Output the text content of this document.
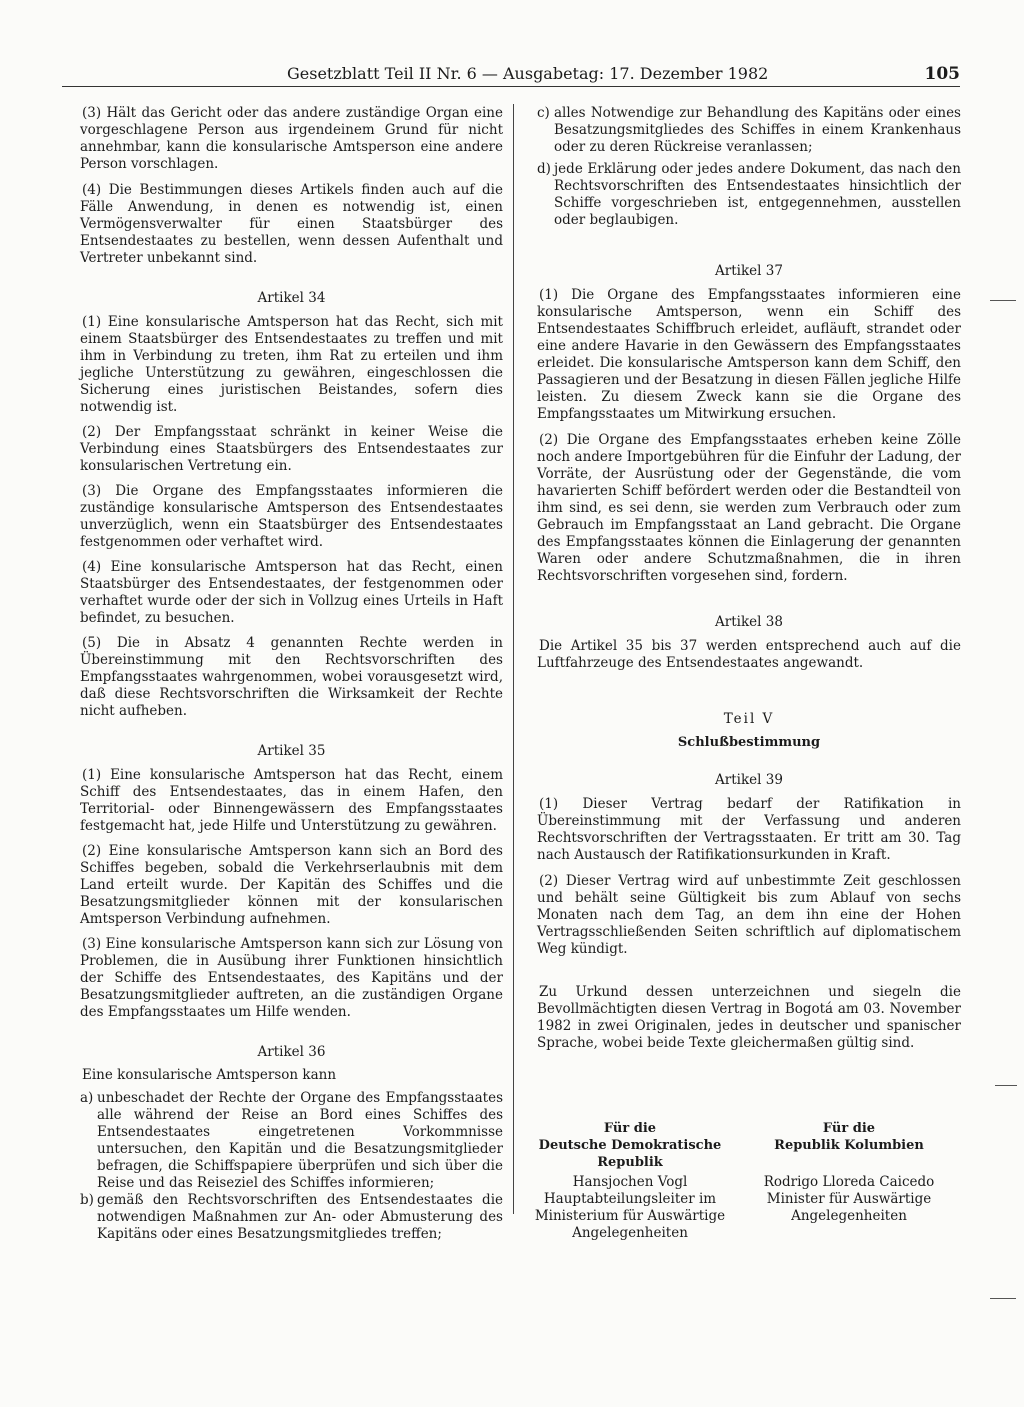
Gesetzblatt Teil II Nr. 6 — Ausgabetag: 17. Dezember 1982	105

(3) Hält das Gericht oder das andere zuständige Organ eine vorgeschlagene Person aus irgendeinem Grund für nicht annehmbar, kann die konsularische Amtsperson eine andere Person vorschlagen.

(4) Die Bestimmungen dieses Artikels finden auch auf die Fälle Anwendung, in denen es notwendig ist, einen Vermögensverwalter für einen Staatsbürger des Entsendestaates zu bestellen, wenn dessen Aufenthalt und Vertreter unbekannt sind.

Artikel 34

(1) Eine konsularische Amtsperson hat das Recht, sich mit einem Staatsbürger des Entsendestaates zu treffen und mit ihm in Verbindung zu treten, ihm Rat zu erteilen und ihm jegliche Unterstützung zu gewähren, eingeschlossen die Sicherung eines juristischen Beistandes, sofern dies notwendig ist.

(2) Der Empfangsstaat schränkt in keiner Weise die Verbindung eines Staatsbürgers des Entsendestaates zur konsularischen Vertretung ein.

(3) Die Organe des Empfangsstaates informieren die zuständige konsularische Amtsperson des Entsendestaates unverzüglich, wenn ein Staatsbürger des Entsendestaates festgenommen oder verhaftet wird.

(4) Eine konsularische Amtsperson hat das Recht, einen Staatsbürger des Entsendestaates, der festgenommen oder verhaftet wurde oder der sich in Vollzug eines Urteils in Haft befindet, zu besuchen.

(5) Die in Absatz 4 genannten Rechte werden in Übereinstimmung mit den Rechtsvorschriften des Empfangsstaates wahrgenommen, wobei vorausgesetzt wird, daß diese Rechtsvorschriften die Wirksamkeit der Rechte nicht aufheben.

Artikel 35

(1) Eine konsularische Amtsperson hat das Recht, einem Schiff des Entsendestaates, das in einem Hafen, den Territorial- oder Binnengewässern des Empfangsstaates festgemacht hat, jede Hilfe und Unterstützung zu gewähren.

(2) Eine konsularische Amtsperson kann sich an Bord des Schiffes begeben, sobald die Verkehrserlaubnis mit dem Land erteilt wurde. Der Kapitän des Schiffes und die Besatzungsmitglieder können mit der konsularischen Amtsperson Verbindung aufnehmen.

(3) Eine konsularische Amtsperson kann sich zur Lösung von Problemen, die in Ausübung ihrer Funktionen hinsichtlich der Schiffe des Entsendestaates, des Kapitäns und der Besatzungsmitglieder auftreten, an die zuständigen Organe des Empfangsstaates um Hilfe wenden.

Artikel 36

Eine konsularische Amtsperson kann

a) unbeschadet der Rechte der Organe des Empfangsstaates alle während der Reise an Bord eines Schiffes des Entsendestaates eingetretenen Vorkommnisse untersuchen, den Kapitän und die Besatzungsmitglieder befragen, die Schiffspapiere überprüfen und sich über die Reise und das Reiseziel des Schiffes informieren;
b) gemäß den Rechtsvorschriften des Entsendestaates die notwendigen Maßnahmen zur An- oder Abmusterung des Kapitäns oder eines Besatzungsmitgliedes treffen;
c) alles Notwendige zur Behandlung des Kapitäns oder eines Besatzungsmitgliedes des Schiffes in einem Krankenhaus oder zu deren Rückreise veranlassen;
d) jede Erklärung oder jedes andere Dokument, das nach den Rechtsvorschriften des Entsendestaates hinsichtlich der Schiffe vorgeschrieben ist, entgegennehmen, ausstellen oder beglaubigen.
Artikel 37

(1) Die Organe des Empfangsstaates informieren eine konsularische Amtsperson, wenn ein Schiff des Entsendestaates Schiffbruch erleidet, aufläuft, strandet oder eine andere Havarie in den Gewässern des Empfangsstaates erleidet. Die konsularische Amtsperson kann dem Schiff, den Passagieren und der Besatzung in diesen Fällen jegliche Hilfe leisten. Zu diesem Zweck kann sie die Organe des Empfangsstaates um Mitwirkung ersuchen.

(2) Die Organe des Empfangsstaates erheben keine Zölle noch andere Importgebühren für die Einfuhr der Ladung, der Vorräte, der Ausrüstung oder der Gegenstände, die vom havarierten Schiff befördert werden oder die Bestandteil von ihm sind, es sei denn, sie werden zum Verbrauch oder zum Gebrauch im Empfangsstaat an Land gebracht. Die Organe des Empfangsstaates können die Einlagerung der genannten Waren oder andere Schutzmaßnahmen, die in ihren Rechtsvorschriften vorgesehen sind, fordern.

Artikel 38

Die Artikel 35 bis 37 werden entsprechend auch auf die Luftfahrzeuge des Entsendestaates angewandt.

Teil V
Schlußbestimmung
Artikel 39

(1) Dieser Vertrag bedarf der Ratifikation in Übereinstimmung mit der Verfassung und anderen Rechtsvorschriften der Vertragsstaaten. Er tritt am 30. Tag nach Austausch der Ratifikationsurkunden in Kraft.

(2) Dieser Vertrag wird auf unbestimmte Zeit geschlossen und behält seine Gültigkeit bis zum Ablauf von sechs Monaten nach dem Tag, an dem ihn eine der Hohen Vertragsschließenden Seiten schriftlich auf diplomatischem Weg kündigt.

Zu Urkund dessen unterzeichnen und siegeln die Bevollmächtigten diesen Vertrag in Bogotá am 03. November 1982 in zwei Originalen, jedes in deutscher und spanischer Sprache, wobei beide Texte gleichermaßen gültig sind.

Für die
Deutsche Demokratische Republik
Hansjochen Vogl
Hauptabteilungsleiter im Ministerium für Auswärtige Angelegenheiten
Für die
Republik Kolumbien
Rodrigo Lloreda Caicedo
Minister für Auswärtige Angelegenheiten
